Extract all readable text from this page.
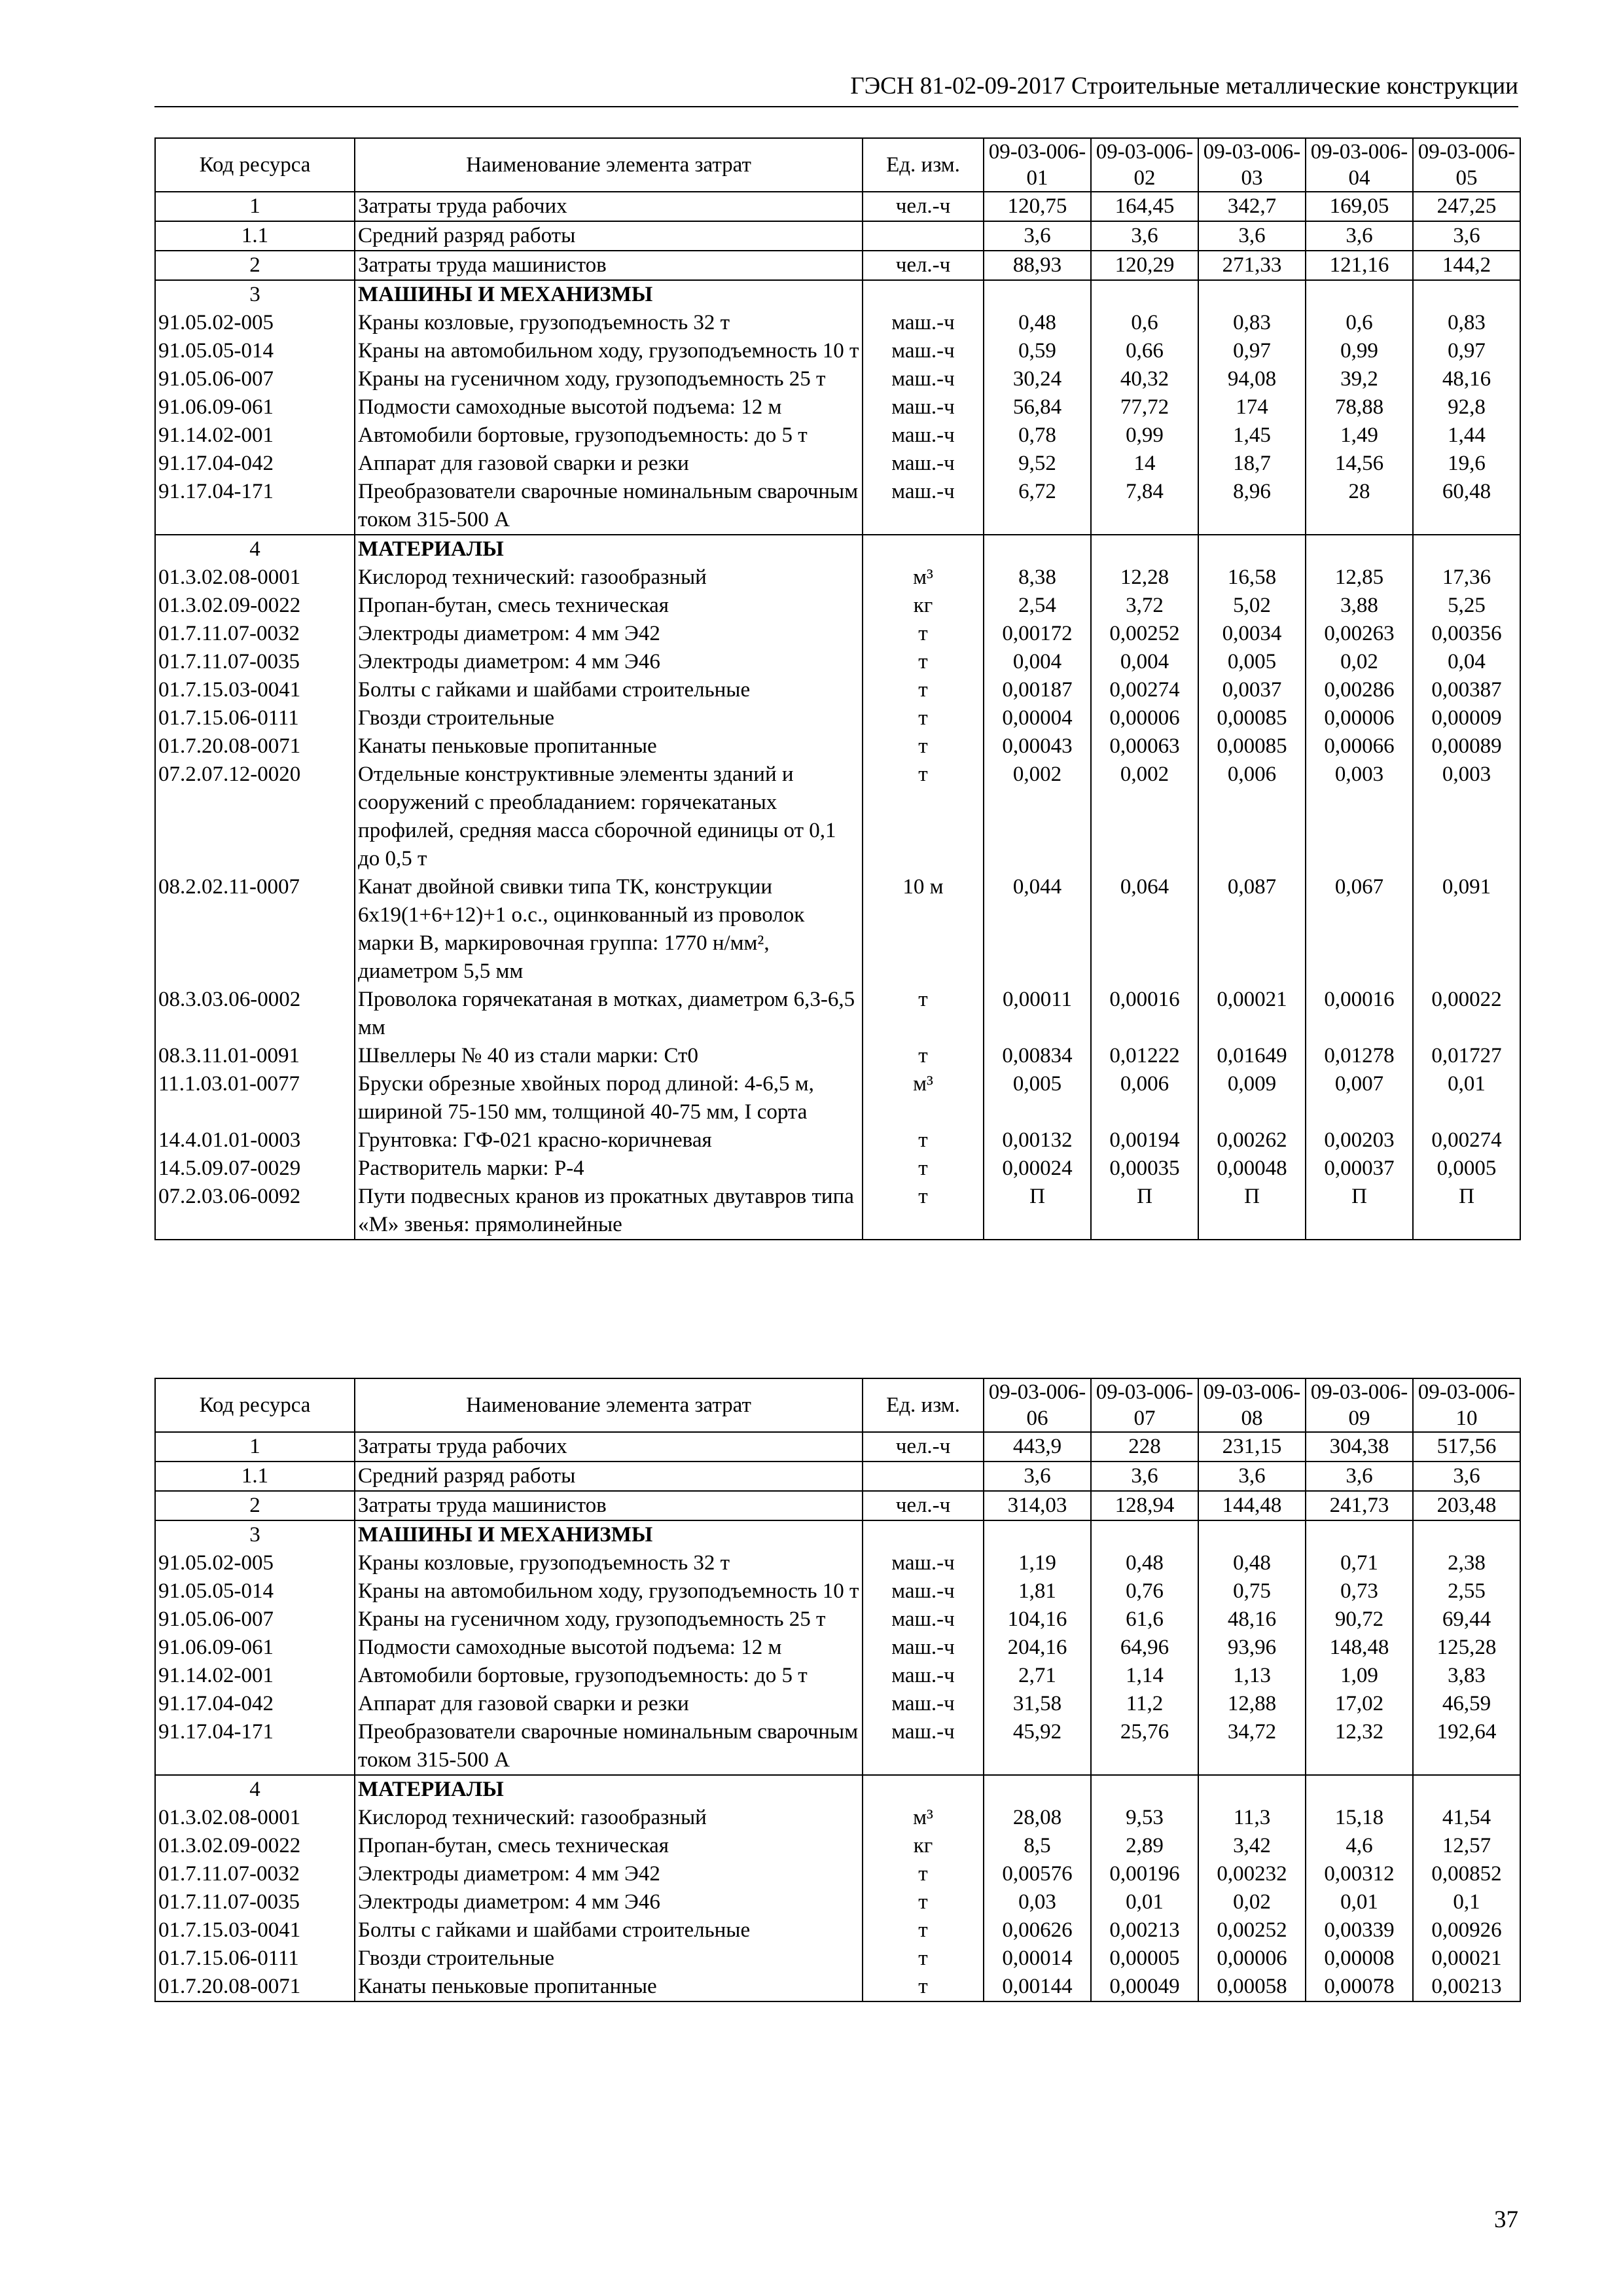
ГЭСН 81-02-09-2017 Строительные металлические конструкции
Код ресурса	Наименование элемента затрат	Ед. изм.	09-03-006-01	09-03-006-02	09-03-006-03	09-03-006-04	09-03-006-05
1	Затраты труда рабочих	чел.-ч	120,75	164,45	342,7	169,05	247,25
1.1	Средний разряд работы		3,6	3,6	3,6	3,6	3,6
2	Затраты труда машинистов	чел.-ч	88,93	120,29	271,33	121,16	144,2
3	МАШИНЫ И МЕХАНИЗМЫ						
91.05.02-005	Краны козловые, грузоподъемность 32 т	маш.-ч	0,48	0,6	0,83	0,6	0,83
91.05.05-014	Краны на автомобильном ходу, грузоподъемность 10 т	маш.-ч	0,59	0,66	0,97	0,99	0,97
91.05.06-007	Краны на гусеничном ходу, грузоподъемность 25 т	маш.-ч	30,24	40,32	94,08	39,2	48,16
91.06.09-061	Подмости самоходные высотой подъема: 12 м	маш.-ч	56,84	77,72	174	78,88	92,8
91.14.02-001	Автомобили бортовые, грузоподъемность: до 5 т	маш.-ч	0,78	0,99	1,45	1,49	1,44
91.17.04-042	Аппарат для газовой сварки и резки	маш.-ч	9,52	14	18,7	14,56	19,6
91.17.04-171	Преобразователи сварочные номинальным сварочным током 315-500 А	маш.-ч	6,72	7,84	8,96	28	60,48
4	МАТЕРИАЛЫ						
01.3.02.08-0001	Кислород технический: газообразный	м³	8,38	12,28	16,58	12,85	17,36
01.3.02.09-0022	Пропан-бутан, смесь техническая	кг	2,54	3,72	5,02	3,88	5,25
01.7.11.07-0032	Электроды диаметром: 4 мм Э42	т	0,00172	0,00252	0,0034	0,00263	0,00356
01.7.11.07-0035	Электроды диаметром: 4 мм Э46	т	0,004	0,004	0,005	0,02	0,04
01.7.15.03-0041	Болты с гайками и шайбами строительные	т	0,00187	0,00274	0,0037	0,00286	0,00387
01.7.15.06-0111	Гвозди строительные	т	0,00004	0,00006	0,00085	0,00006	0,00009
01.7.20.08-0071	Канаты пеньковые пропитанные	т	0,00043	0,00063	0,00085	0,00066	0,00089
07.2.07.12-0020	Отдельные конструктивные элементы зданий и сооружений с преобладанием: горячекатаных профилей, средняя масса сборочной единицы от 0,1 до 0,5 т	т	0,002	0,002	0,006	0,003	0,003
08.2.02.11-0007	Канат двойной свивки типа ТК, конструкции 6х19(1+6+12)+1 о.с., оцинкованный из проволок марки В, маркировочная группа: 1770 н/мм², диаметром 5,5 мм	10 м	0,044	0,064	0,087	0,067	0,091
08.3.03.06-0002	Проволока горячекатаная в мотках, диаметром 6,3-6,5 мм	т	0,00011	0,00016	0,00021	0,00016	0,00022
08.3.11.01-0091	Швеллеры № 40 из стали марки: Ст0	т	0,00834	0,01222	0,01649	0,01278	0,01727
11.1.03.01-0077	Бруски обрезные хвойных пород длиной: 4-6,5 м, шириной 75-150 мм, толщиной 40-75 мм, I сорта	м³	0,005	0,006	0,009	0,007	0,01
14.4.01.01-0003	Грунтовка: ГФ-021 красно-коричневая	т	0,00132	0,00194	0,00262	0,00203	0,00274
14.5.09.07-0029	Растворитель марки: Р-4	т	0,00024	0,00035	0,00048	0,00037	0,0005
07.2.03.06-0092	Пути подвесных кранов из прокатных двутавров типа «М» звенья: прямолинейные	т	П	П	П	П	П
Код ресурса	Наименование элемента затрат	Ед. изм.	09-03-006-06	09-03-006-07	09-03-006-08	09-03-006-09	09-03-006-10
1	Затраты труда рабочих	чел.-ч	443,9	228	231,15	304,38	517,56
1.1	Средний разряд работы		3,6	3,6	3,6	3,6	3,6
2	Затраты труда машинистов	чел.-ч	314,03	128,94	144,48	241,73	203,48
3	МАШИНЫ И МЕХАНИЗМЫ						
91.05.02-005	Краны козловые, грузоподъемность 32 т	маш.-ч	1,19	0,48	0,48	0,71	2,38
91.05.05-014	Краны на автомобильном ходу, грузоподъемность 10 т	маш.-ч	1,81	0,76	0,75	0,73	2,55
91.05.06-007	Краны на гусеничном ходу, грузоподъемность 25 т	маш.-ч	104,16	61,6	48,16	90,72	69,44
91.06.09-061	Подмости самоходные высотой подъема: 12 м	маш.-ч	204,16	64,96	93,96	148,48	125,28
91.14.02-001	Автомобили бортовые, грузоподъемность: до 5 т	маш.-ч	2,71	1,14	1,13	1,09	3,83
91.17.04-042	Аппарат для газовой сварки и резки	маш.-ч	31,58	11,2	12,88	17,02	46,59
91.17.04-171	Преобразователи сварочные номинальным сварочным током 315-500 А	маш.-ч	45,92	25,76	34,72	12,32	192,64
4	МАТЕРИАЛЫ						
01.3.02.08-0001	Кислород технический: газообразный	м³	28,08	9,53	11,3	15,18	41,54
01.3.02.09-0022	Пропан-бутан, смесь техническая	кг	8,5	2,89	3,42	4,6	12,57
01.7.11.07-0032	Электроды диаметром: 4 мм Э42	т	0,00576	0,00196	0,00232	0,00312	0,00852
01.7.11.07-0035	Электроды диаметром: 4 мм Э46	т	0,03	0,01	0,02	0,01	0,1
01.7.15.03-0041	Болты с гайками и шайбами строительные	т	0,00626	0,00213	0,00252	0,00339	0,00926
01.7.15.06-0111	Гвозди строительные	т	0,00014	0,00005	0,00006	0,00008	0,00021
01.7.20.08-0071	Канаты пеньковые пропитанные	т	0,00144	0,00049	0,00058	0,00078	0,00213
37
